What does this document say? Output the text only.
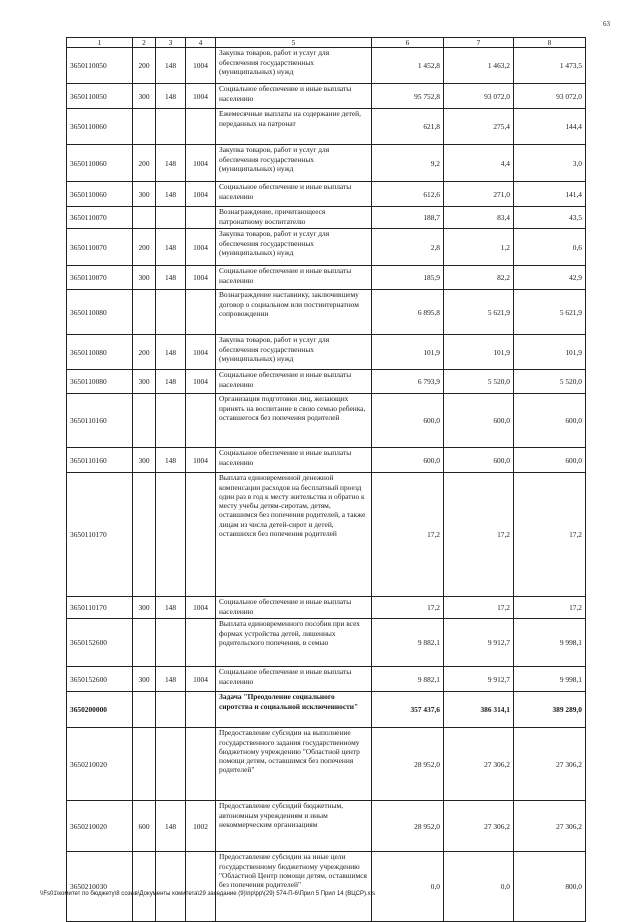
63
1	2	3	4	5	6	7	8
3650110050	200	148	1004	Закупка товаров, работ и услуг для обеспечения государственных (муниципальных) нужд	1 452,8	1 463,2	1 473,5
3650110050	300	148	1004	Социальное обеспечение и иные выплаты населению	95 752,8	93 072,0	93 072,0
3650110060				Ежемесячные выплаты на содержание детей, переданных на патронат	621,8	275,4	144,4
3650110060	200	148	1004	Закупка товаров, работ и услуг для обеспечения государственных (муниципальных) нужд	9,2	4,4	3,0
3650110060	300	148	1004	Социальное обеспечение и иные выплаты населению	612,6	271,0	141,4
3650110070				Вознаграждение, причитающееся патронатному воспитателю	188,7	83,4	43,5
3650110070	200	148	1004	Закупка товаров, работ и услуг для обеспечения государственных (муниципальных) нужд	2,8	1,2	0,6
3650110070	300	148	1004	Социальное обеспечение и иные выплаты населению	185,9	82,2	42,9
3650110080				Вознаграждение наставнику, заключившему договор о социальном или постинтернатном сопровождении	6 895,8	5 621,9	5 621,9
3650110080	200	148	1004	Закупка товаров, работ и услуг для обеспечения государственных (муниципальных) нужд	101,9	101,9	101,9
3650110080	300	148	1004	Социальное обеспечение и иные выплаты населению	6 793,9	5 520,0	5 520,0
3650110160				Организация подготовки лиц, желающих принять на воспитание в свою семью ребенка, оставшегося без попечения родителей	600,0	600,0	600,0
3650110160	300	148	1004	Социальное обеспечение и иные выплаты населению	600,0	600,0	600,0
3650110170				Выплата единовременной денежной компенсации расходов на бесплатный проезд один раз в год к месту жительства и обратно к месту учебы детям-сиротам, детям, оставшимся без попечения родителей, а также лицам из числа детей-сирот и детей, оставшихся без попечения родителей	17,2	17,2	17,2
3650110170	300	148	1004	Социальное обеспечение и иные выплаты населению	17,2	17,2	17,2
3650152600				Выплата единовременного пособия при всех формах устройства детей, лишенных родительского попечения, в семью	9 882,1	9 912,7	9 998,1
3650152600	300	148	1004	Социальное обеспечение и иные выплаты населению	9 882,1	9 912,7	9 998,1
3650200000				Задача "Преодоление социального сиротства и социальной исключенности"	357 437,6	386 314,1	389 289,0
3650210020				Предоставление субсидии на выполнение государственного задания государственному бюджетному учреждению "Областной центр помощи детям, оставшимся без попечения родителей"	28 952,0	27 306,2	27 306,2
3650210020	600	148	1002	Предоставление субсидий бюджетным, автономным учреждениям и иным некоммерческим организациям	28 952,0	27 306,2	27 306,2
3650210030				Предоставление субсидии на иные цели государственному бюджетному учреждению "Областной Центр помощи детям, оставшимся без попечения родителей"	0,0	0,0	800,0
\\Fs01\комитет по бюджету\8 созыв\Документы комитета\29 заседание (9)\пр\рр\(29) 574-П-6\Прил 5 Прил 14 (ВЦСР).xls
